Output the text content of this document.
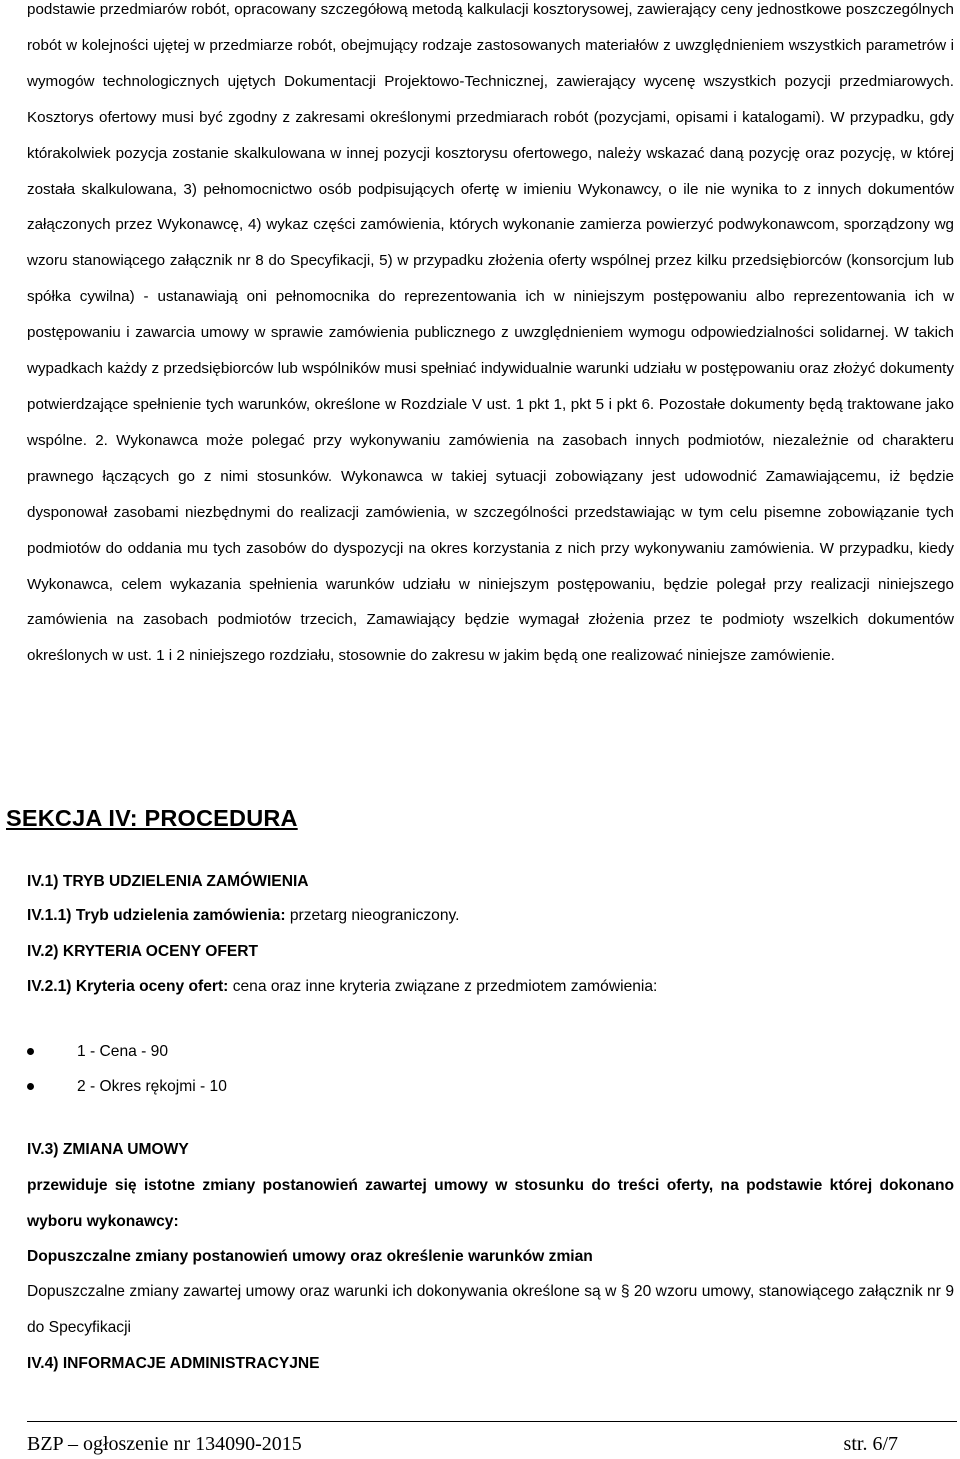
podstawie przedmiarów robót, opracowany szczegółową metodą kalkulacji kosztorysowej, zawierający ceny jednostkowe poszczególnych robót w kolejności ujętej w przedmiarze robót, obejmujący rodzaje zastosowanych materiałów z uwzględnieniem wszystkich parametrów i wymogów technologicznych ujętych Dokumentacji Projektowo-Technicznej, zawierający wycenę wszystkich pozycji przedmiarowych. Kosztorys ofertowy musi być zgodny z zakresami określonymi przedmiarach robót (pozycjami, opisami i katalogami). W przypadku, gdy którakolwiek pozycja zostanie skalkulowana w innej pozycji kosztorysu ofertowego, należy wskazać daną pozycję oraz pozycję, w której została skalkulowana, 3) pełnomocnictwo osób podpisujących ofertę w imieniu Wykonawcy, o ile nie wynika to z innych dokumentów załączonych przez Wykonawcę, 4) wykaz części zamówienia, których wykonanie zamierza powierzyć podwykonawcom, sporządzony wg wzoru stanowiącego załącznik nr 8 do Specyfikacji, 5) w przypadku złożenia oferty wspólnej przez kilku przedsiębiorców (konsorcjum lub spółka cywilna) - ustanawiają oni pełnomocnika do reprezentowania ich w niniejszym postępowaniu albo reprezentowania ich w postępowaniu i zawarcia umowy w sprawie zamówienia publicznego z uwzględnieniem wymogu odpowiedzialności solidarnej. W takich wypadkach każdy z przedsiębiorców lub wspólników musi spełniać indywidualnie warunki udziału w postępowaniu oraz złożyć dokumenty potwierdzające spełnienie tych warunków, określone w Rozdziale V ust. 1 pkt 1, pkt 5 i pkt 6. Pozostałe dokumenty będą traktowane jako wspólne. 2. Wykonawca może polegać przy wykonywaniu zamówienia na zasobach innych podmiotów, niezależnie od charakteru prawnego łączących go z nimi stosunków. Wykonawca w takiej sytuacji zobowiązany jest udowodnić Zamawiającemu, iż będzie dysponował zasobami niezbędnymi do realizacji zamówienia, w szczególności przedstawiając w tym celu pisemne zobowiązanie tych podmiotów do oddania mu tych zasobów do dyspozycji na okres korzystania z nich przy wykonywaniu zamówienia. W przypadku, kiedy Wykonawca, celem wykazania spełnienia warunków udziału w niniejszym postępowaniu, będzie polegał przy realizacji niniejszego zamówienia na zasobach podmiotów trzecich, Zamawiający będzie wymagał złożenia przez te podmioty wszelkich dokumentów określonych w ust. 1 i 2 niniejszego rozdziału, stosownie do zakresu w jakim będą one realizować niniejsze zamówienie.

SEKCJA IV: PROCEDURA

IV.1) TRYB UDZIELENIA ZAMÓWIENIA

IV.1.1) Tryb udzielenia zamówienia: przetarg nieograniczony.

IV.2) KRYTERIA OCENY OFERT

IV.2.1) Kryteria oceny ofert: cena oraz inne kryteria związane z przedmiotem zamówienia:

1 - Cena - 90
2 - Okres rękojmi - 10

IV.3) ZMIANA UMOWY

przewiduje się istotne zmiany postanowień zawartej umowy w stosunku do treści oferty, na podstawie której dokonano wyboru wykonawcy:

Dopuszczalne zmiany postanowień umowy oraz określenie warunków zmian

Dopuszczalne zmiany zawartej umowy oraz warunki ich dokonywania określone są w § 20 wzoru umowy, stanowiącego załącznik nr 9 do Specyfikacji

IV.4) INFORMACJE ADMINISTRACYJNE

BZP – ogłoszenie nr 134090-2015	str. 6/7
